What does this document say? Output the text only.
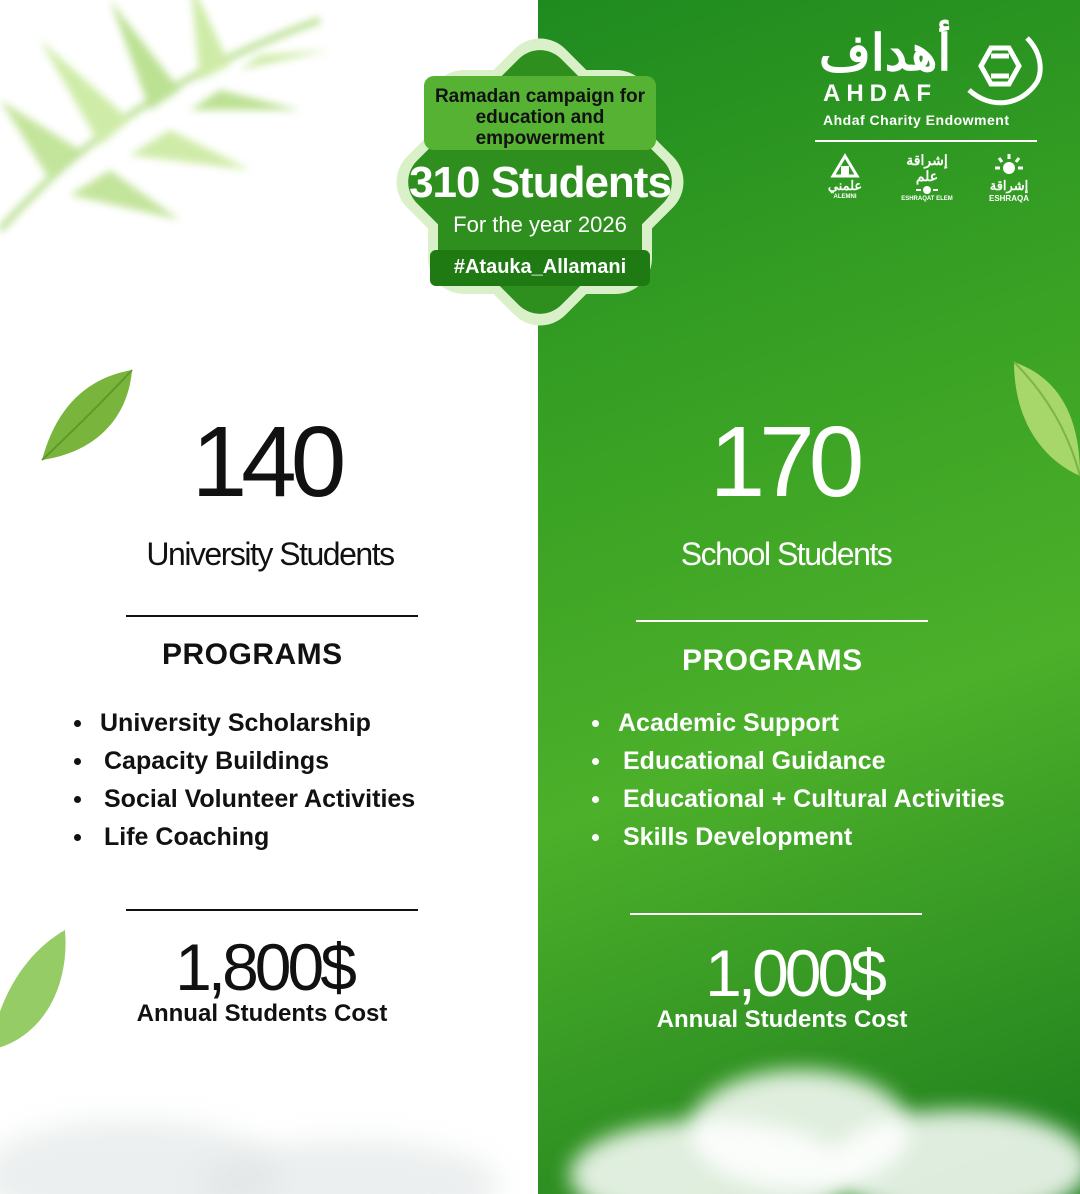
Ramadan campaign for education and empowerment
310 Students
For the year 2026
#Atauka_Allamani
أهداف
AHDAF
Ahdaf Charity Endowment
علمني
ALEMNI
إشراقة علم
ESHRAQAT ELEM
إشراقة
ESHRAQA
140
University Students
PROGRAMS
University Scholarship
Capacity Buildings
Social Volunteer Activities
Life Coaching
1,800$
Annual Students Cost
170
School Students
PROGRAMS
Academic Support
Educational Guidance
Educational + Cultural Activities
Skills Development
1,000$
Annual Students Cost
